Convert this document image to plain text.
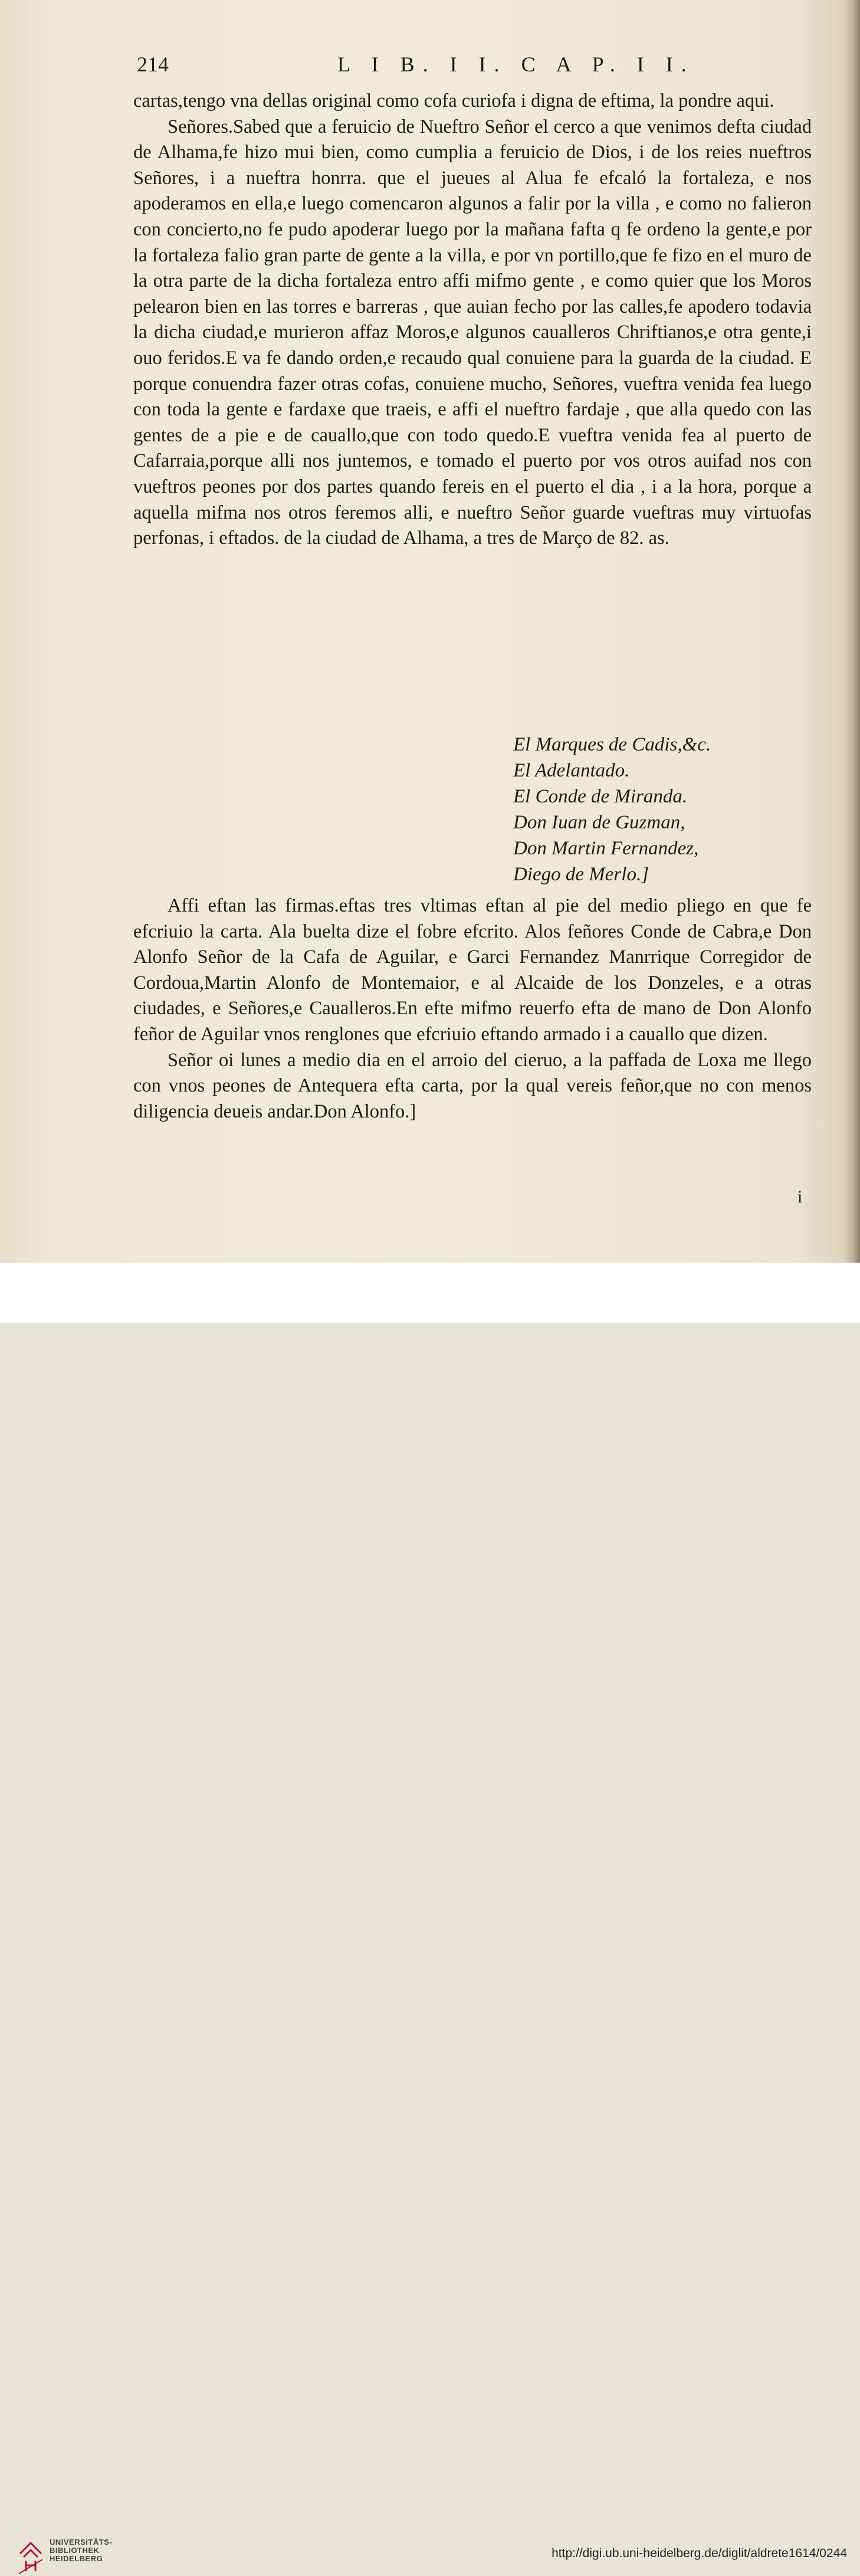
214	L I B. I I. C A P. I I.

cartas,tengo vna dellas original como cofa curiofa i digna de eftima, la pondre aqui.

Señores.Sabed que a feruicio de Nueftro Señor el cerco a que venimos defta ciudad de Alhama,fe hizo mui bien, como cumplia a feruicio de Dios, i de los reies nueftros Señores, i a nueftra honrra. que el jueues al Alua fe efcaló la fortaleza, e nos apoderamos en ella,e luego comencaron algunos a falir por la villa , e como no falieron con concierto,no fe pudo apoderar luego por la mañana fafta q fe ordeno la gente,e por la fortaleza falio gran parte de gente a la villa, e por vn portillo,que fe fizo en el muro de la otra parte de la dicha fortaleza entro affi mifmo gente , e como quier que los Moros pelearon bien en las torres e barreras , que auian fecho por las calles,fe apodero todavia la dicha ciudad,e murieron affaz Moros,e algunos caualleros Chriftianos,e otra gente,i ouo feridos.E va fe dando orden,e recaudo qual conuiene para la guarda de la ciudad. E porque conuendra fazer otras cofas, conuiene mucho, Señores, vueftra venida fea luego con toda la gente e fardaxe que traeis, e affi el nueftro fardaje , que alla quedo con las gentes de a pie e de cauallo,que con todo quedo.E vueftra venida fea al puerto de Cafarraia,porque alli nos juntemos, e tomado el puerto por vos otros auifad nos con vueftros peones por dos partes quando fereis en el puerto el dia , i a la hora, porque a aquella mifma nos otros feremos alli, e nueftro Señor guarde vueftras muy virtuofas perfonas, i eftados. de la ciudad de Alhama, a tres de Março de 82. as.

El Marques de Cadis,&c.
El Adelantado.
El Conde de Miranda.
Don Iuan de Guzman,
Don Martin Fernandez,
Diego de Merlo.]

Affi eftan las firmas.eftas tres vltimas eftan al pie del medio pliego en que fe efcriuio la carta. Ala buelta dize el fobre efcrito. Alos feñores Conde de Cabra,e Don Alonfo Señor de la Cafa de Aguilar, e Garci Fernandez Manrrique Corregidor de Cordoua,Martin Alonfo de Montemaior, e al Alcaide de los Donzeles, e a otras ciudades, e Señores,e Caualleros.En efte mifmo reuerfo efta de mano de Don Alonfo feñor de Aguilar vnos renglones que efcriuio eftando armado i a cauallo que dizen.

Señor oi lunes a medio dia en el arroio del cieruo, a la paffada de Loxa me llego con vnos peones de Antequera efta carta, por la qual vereis feñor,que no con menos diligencia deueis andar.Don Alonfo.]

i
UNIVERSITÄTS-
BIBLIOTHEK
HEIDELBERG	http://digi.ub.uni-heidelberg.de/diglit/aldrete1614/0244
